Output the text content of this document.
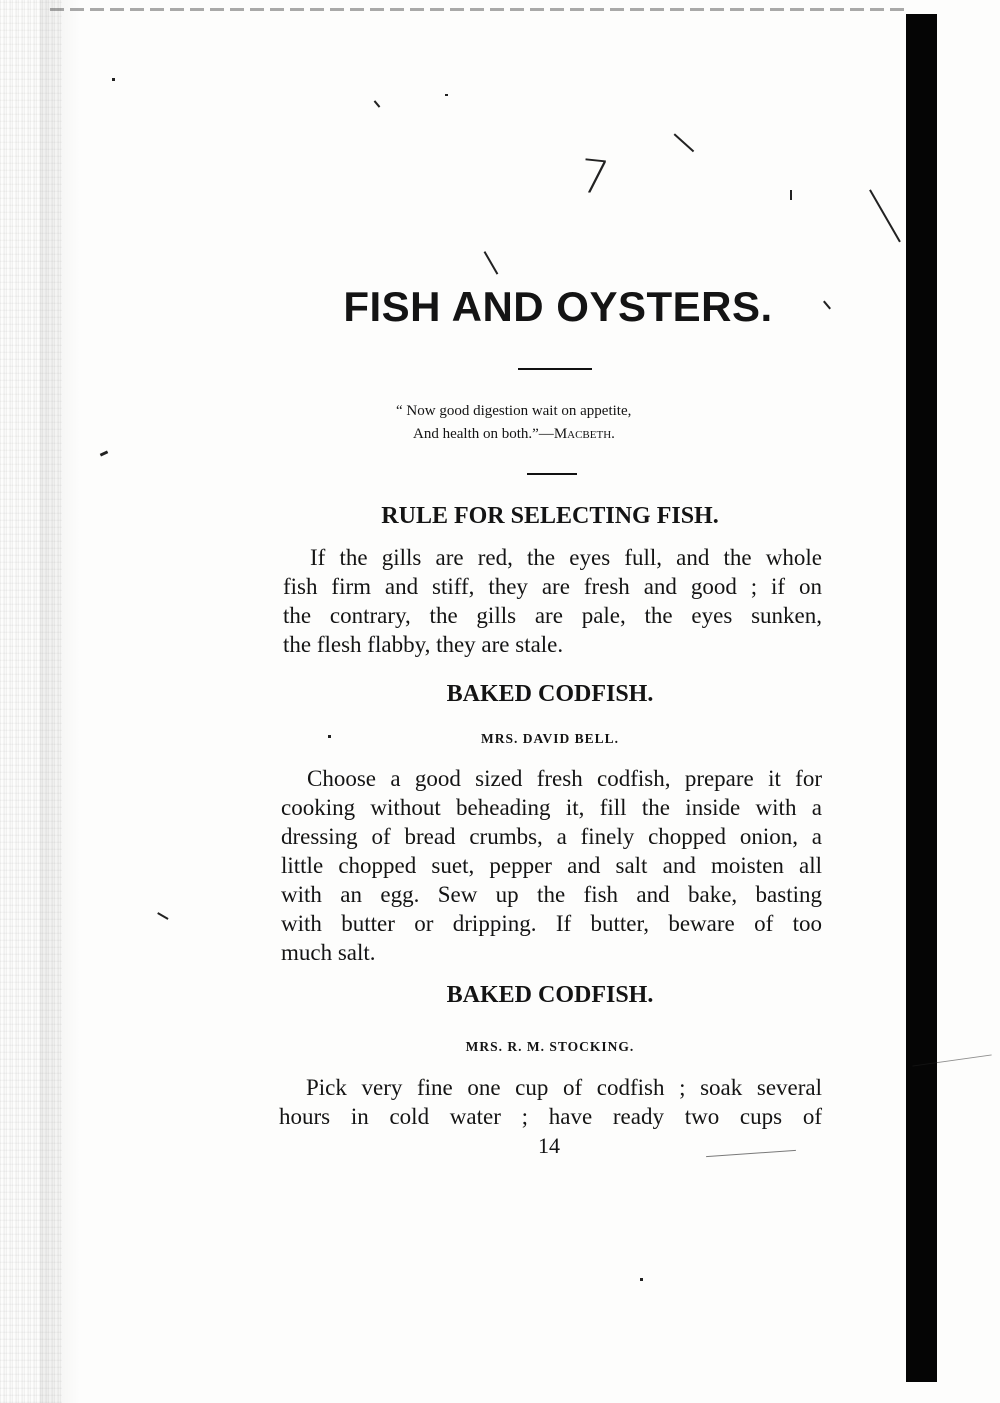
7
FISH AND OYSTERS.
“ Now good digestion wait on appetite,
And health on both.”—Macbeth.
RULE FOR SELECTING FISH.
If the gills are red, the eyes full, and the whole
fish firm and stiff, they are fresh and good ; if on
the contrary, the gills are pale, the eyes sunken,
the flesh flabby, they are stale.
BAKED CODFISH.
MRS. DAVID BELL.
Choose a good sized fresh codfish, prepare it for
cooking without beheading it, fill the inside with a
dressing of bread crumbs, a finely chopped onion, a
little chopped suet, pepper and salt and moisten all
with an egg. Sew up the fish and bake, basting
with butter or dripping. If butter, beware of too
much salt.
BAKED CODFISH.
MRS. R. M. STOCKING.
Pick very fine one cup of codfish ; soak several
hours in cold water ; have ready two cups of
14
